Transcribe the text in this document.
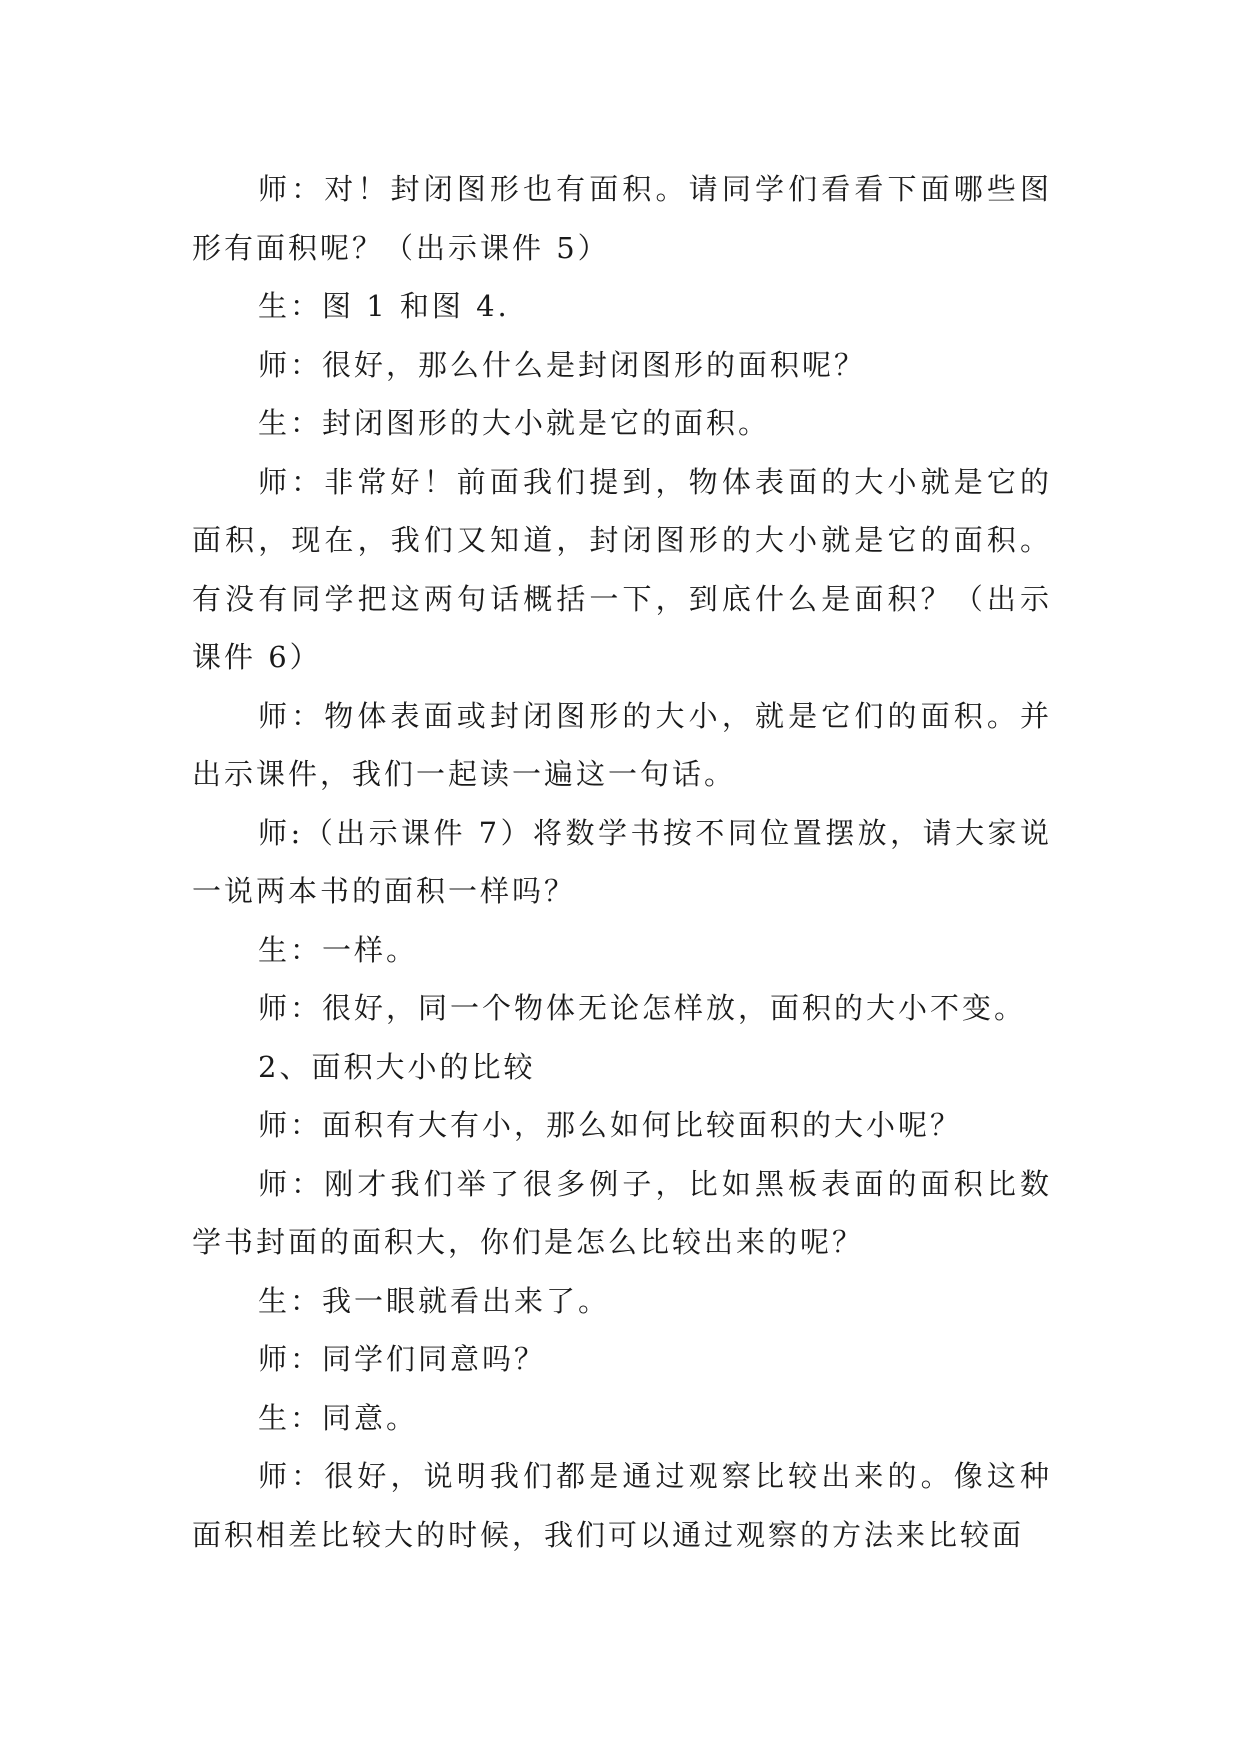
师：对！封闭图形也有面积。请同学们看看下面哪些图形有面积呢？（出示课件 5）

生：图 1 和图 4.

师：很好，那么什么是封闭图形的面积呢？

生：封闭图形的大小就是它的面积。

师：非常好！前面我们提到，物体表面的大小就是它的面积，现在，我们又知道，封闭图形的大小就是它的面积。有没有同学把这两句话概括一下，到底什么是面积？（出示课件 6）

师：物体表面或封闭图形的大小，就是它们的面积。并出示课件，我们一起读一遍这一句话。

师:（出示课件 7）将数学书按不同位置摆放，请大家说一说两本书的面积一样吗？

生：一样。

师：很好，同一个物体无论怎样放，面积的大小不变。

2、面积大小的比较

师：面积有大有小，那么如何比较面积的大小呢？

师：刚才我们举了很多例子，比如黑板表面的面积比数学书封面的面积大，你们是怎么比较出来的呢？

生：我一眼就看出来了。

师：同学们同意吗？

生：同意。

师：很好，说明我们都是通过观察比较出来的。像这种面积相差比较大的时候，我们可以通过观察的方法来比较面
